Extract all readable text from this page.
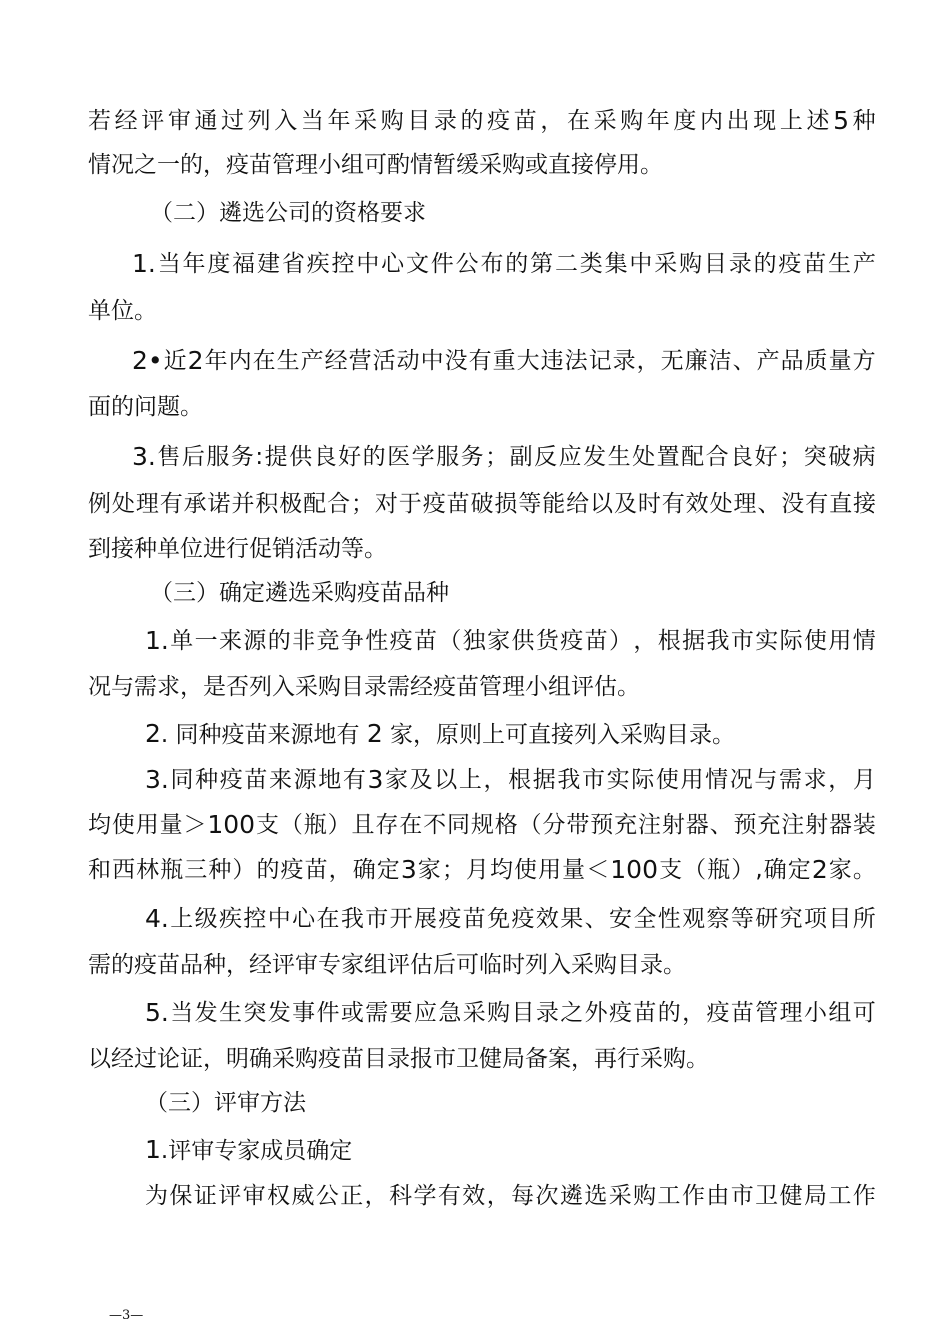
若 经 评 审 通 过 列 入 当 年 采 购 目 录 的 疫 苗 ， 在 采 购 年 度 内 出 现 上 述 5 种
情况之一的，疫苗管理小组可酌情暂缓采购或直接停用。
（二）遴选公司的资格要求
1. 当 年 度 福 建 省 疾 控 中 心 文 件 公 布 的 第 二 类 集 中 采 购 目 录 的 疫 苗 生 产
单位。
2• 近 2 年 内 在 生 产 经 营 活 动 中 没 有 重 大 违 法 记 录 ， 无 廉 洁 、 产 品 质 量 方
面的问题。
3. 售 后 服 务 : 提 供 良 好 的 医 学 服 务 ； 副 反 应 发 生 处 置 配 合 良 好 ； 突 破 病
例 处 理 有 承 诺 并 积 极 配 合 ； 对 于 疫 苗 破 损 等 能 给 以 及 时 有 效 处 理 、 没 有 直 接
到接种单位进行促销活动等。
（三）确定遴选采购疫苗品种
1. 单 一 来 源 的 非 竞 争 性 疫 苗 （ 独 家 供 货 疫 苗 ） ， 根 据 我 市 实 际 使 用 情
况与需求，是否列入采购目录需经疫苗管理小组评估。
2. 同种疫苗来源地有 2 家，原则上可直接列入采购目录。
3. 同 种 疫 苗 来 源 地 有 3 家 及 以 上 ， 根 据 我 市 实 际 使 用 情 况 与 需 求 ， 月
均 使 用 量 ＞ 100 支 （ 瓶 ） 且 存 在 不 同 规 格 （ 分 带 预 充 注 射 器 、 预 充 注 射 器 装
和 西 林 瓶 三 种 ） 的 疫 苗 ， 确 定 3 家 ； 月 均 使 用 量 ＜ 100 支 （ 瓶 ） , 确 定 2 家 。
4. 上 级 疾 控 中 心 在 我 市 开 展 疫 苗 免 疫 效 果 、 安 全 性 观 察 等 研 究 项 目 所
需的疫苗品种，经评审专家组评估后可临时列入采购目录。
5. 当 发 生 突 发 事 件 或 需 要 应 急 采 购 目 录 之 外 疫 苗 的 ， 疫 苗 管 理 小 组 可
以经过论证，明确采购疫苗目录报市卫健局备案，再行采购。
（三）评审方法
1.评审专家成员确定
为 保 证 评 审 权 威 公 正 ， 科 学 有 效 ， 每 次 遴 选 采 购 工 作 由 市 卫 健 局 工 作
—3—
